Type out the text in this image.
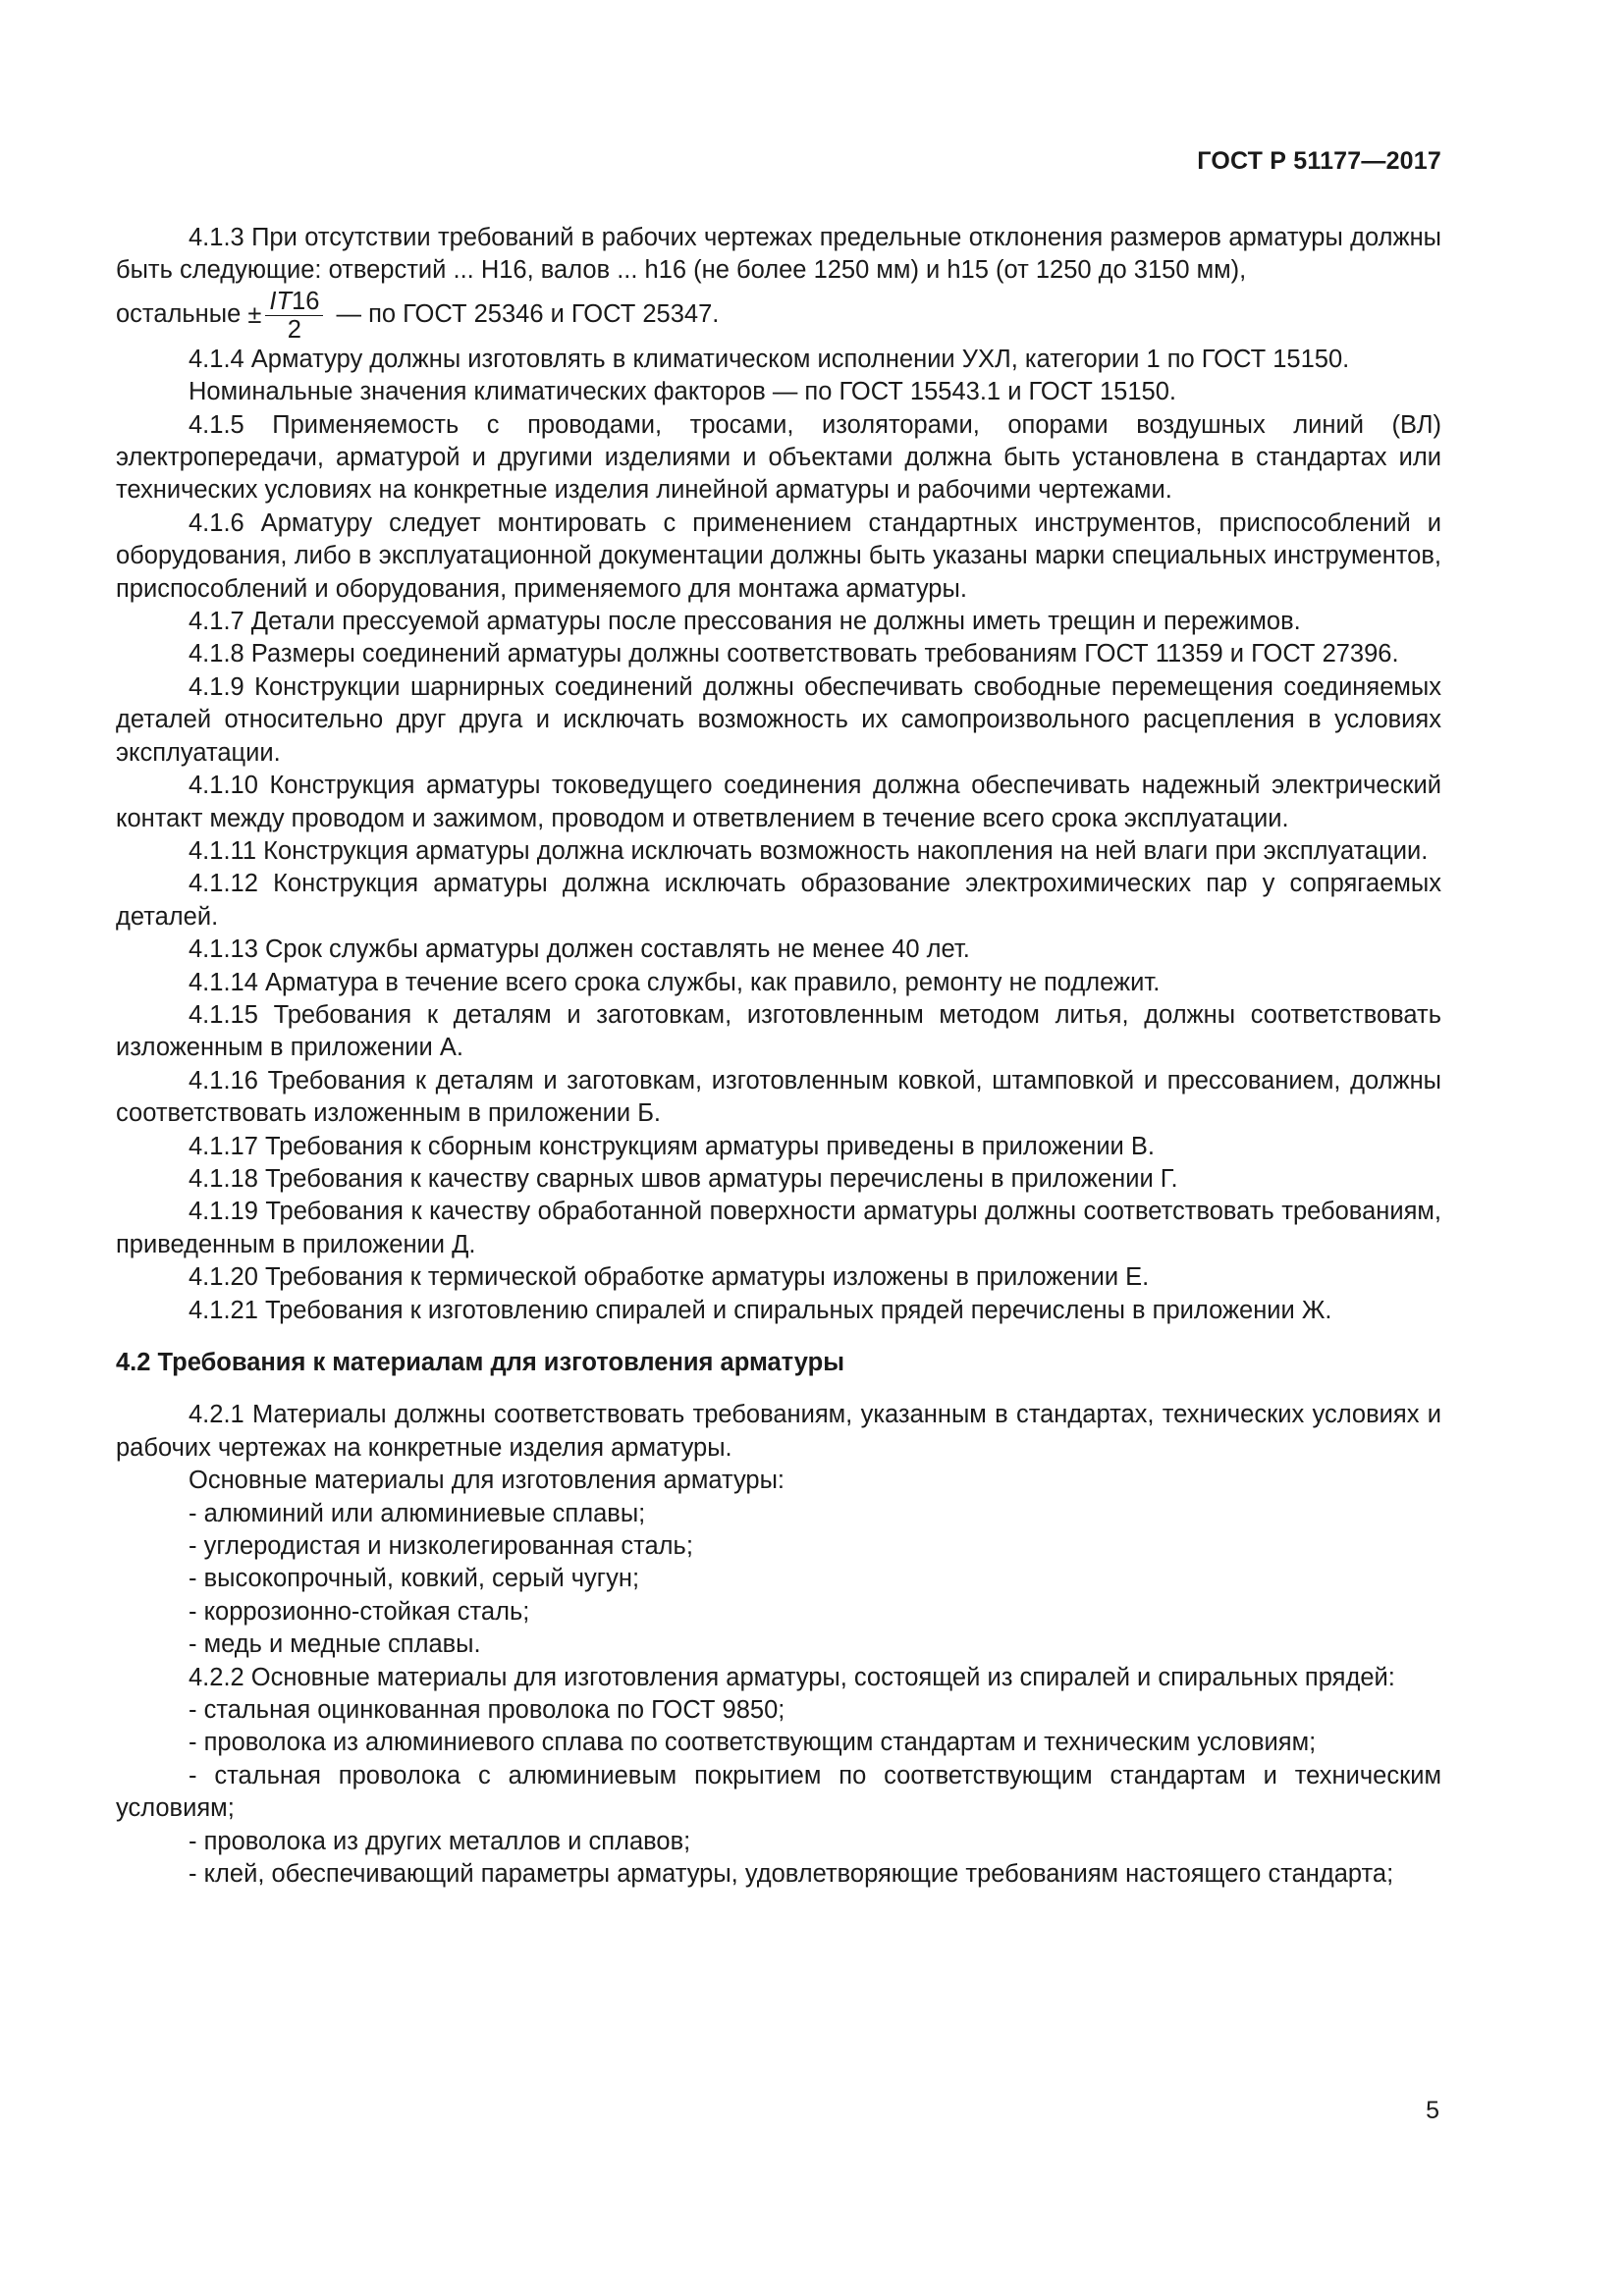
ГОСТ Р 51177—2017

4.1.3 При отсутствии требований в рабочих чертежах предельные отклонения размеров арматуры должны быть следующие: отверстий ... Н16, валов ... h16 (не более 1250 мм) и h15 (от 1250 до 3150 мм),

остальные ± $\frac{IT16}{2}$ — по ГОСТ 25346 и ГОСТ 25347.

4.1.4 Арматуру должны изготовлять в климатическом исполнении УХЛ, категории 1 по ГОСТ 15150.

Номинальные значения климатических факторов — по ГОСТ 15543.1 и ГОСТ 15150.

4.1.5 Применяемость с проводами, тросами, изоляторами, опорами воздушных линий (ВЛ) электропередачи, арматурой и другими изделиями и объектами должна быть установлена в стандартах или технических условиях на конкретные изделия линейной арматуры и рабочими чертежами.

4.1.6 Арматуру следует монтировать с применением стандартных инструментов, приспособлений и оборудования, либо в эксплуатационной документации должны быть указаны марки специальных инструментов, приспособлений и оборудования, применяемого для монтажа арматуры.

4.1.7 Детали прессуемой арматуры после прессования не должны иметь трещин и пережимов.

4.1.8 Размеры соединений арматуры должны соответствовать требованиям ГОСТ 11359 и ГОСТ 27396.

4.1.9 Конструкции шарнирных соединений должны обеспечивать свободные перемещения соединяемых деталей относительно друг друга и исключать возможность их самопроизвольного расцепления в условиях эксплуатации.

4.1.10 Конструкция арматуры токоведущего соединения должна обеспечивать надежный электрический контакт между проводом и зажимом, проводом и ответвлением в течение всего срока эксплуатации.

4.1.11 Конструкция арматуры должна исключать возможность накопления на ней влаги при эксплуатации.

4.1.12 Конструкция арматуры должна исключать образование электрохимических пар у сопрягаемых деталей.

4.1.13 Срок службы арматуры должен составлять не менее 40 лет.

4.1.14 Арматура в течение всего срока службы, как правило, ремонту не подлежит.

4.1.15 Требования к деталям и заготовкам, изготовленным методом литья, должны соответствовать изложенным в приложении А.

4.1.16 Требования к деталям и заготовкам, изготовленным ковкой, штамповкой и прессованием, должны соответствовать изложенным в приложении Б.

4.1.17 Требования к сборным конструкциям арматуры приведены в приложении В.

4.1.18 Требования к качеству сварных швов арматуры перечислены в приложении Г.

4.1.19 Требования к качеству обработанной поверхности арматуры должны соответствовать требованиям, приведенным в приложении Д.

4.1.20 Требования к термической обработке арматуры изложены в приложении Е.

4.1.21 Требования к изготовлению спиралей и спиральных прядей перечислены в приложении Ж.

4.2 Требования к материалам для изготовления арматуры

4.2.1 Материалы должны соответствовать требованиям, указанным в стандартах, технических условиях и рабочих чертежах на конкретные изделия арматуры.

Основные материалы для изготовления арматуры:

- алюминий или алюминиевые сплавы;

- углеродистая и низколегированная сталь;

- высокопрочный, ковкий, серый чугун;

- коррозионно-стойкая сталь;

- медь и медные сплавы.

4.2.2 Основные материалы для изготовления арматуры, состоящей из спиралей и спиральных прядей:

- стальная оцинкованная проволока по ГОСТ 9850;

- проволока из алюминиевого сплава по соответствующим стандартам и техническим условиям;

- стальная проволока с алюминиевым покрытием по соответствующим стандартам и техническим условиям;

- проволока из других металлов и сплавов;

- клей, обеспечивающий параметры арматуры, удовлетворяющие требованиям настоящего стандарта;

5
